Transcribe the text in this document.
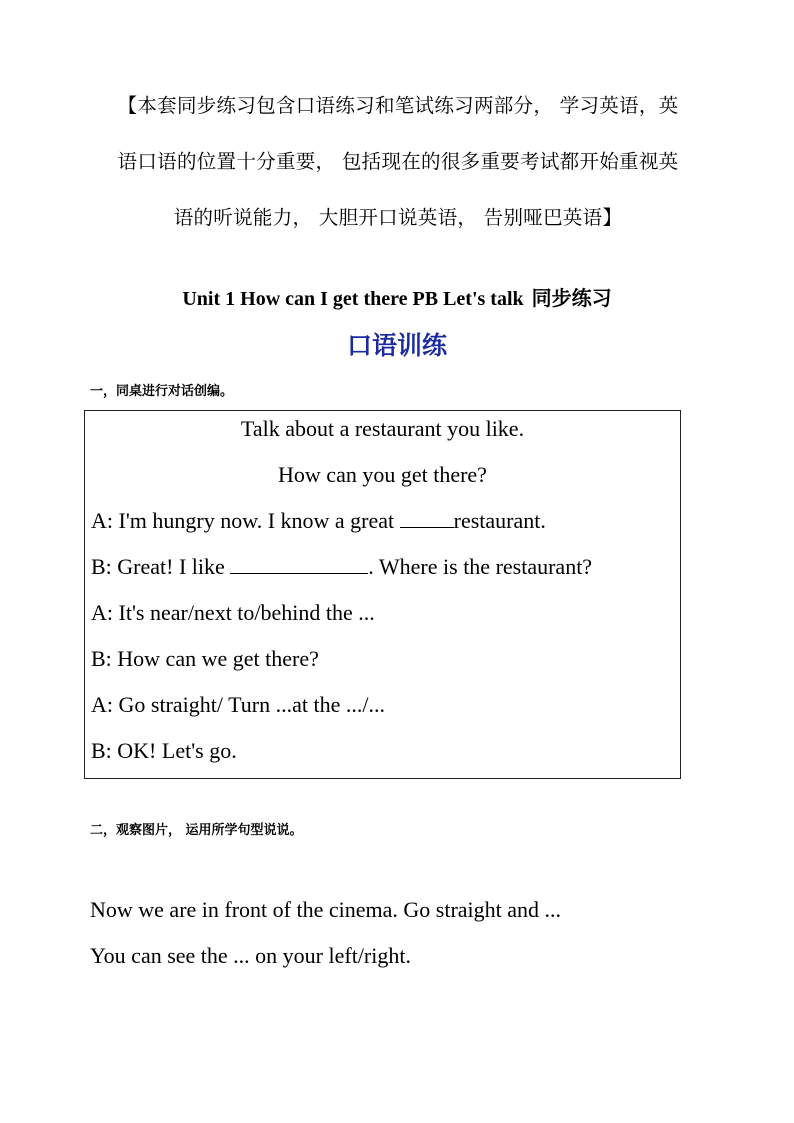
【本套同步练习包含口语练习和笔试练习两部分， 学习英语，英

语口语的位置十分重要， 包括现在的很多重要考试都开始重视英

语的听说能力， 大胆开口说英语， 告别哑巴英语】

Unit 1 How can I get there PB Let's talk 同步练习
口语训练
一，同桌进行对话创编。
Talk about a restaurant you like.
How can you get there?
A: I'm hungry now. I know a great restaurant.
B: Great! I like	. Where is the restaurant?
A: It's near/next to/behind the ...
B: How can we get there?
A: Go straight/ Turn ...at the .../...
B: OK! Let's go.
二，观察图片， 运用所学句型说说。
Now we are in front of the cinema. Go straight and ...
You can see the ... on your left/right.
